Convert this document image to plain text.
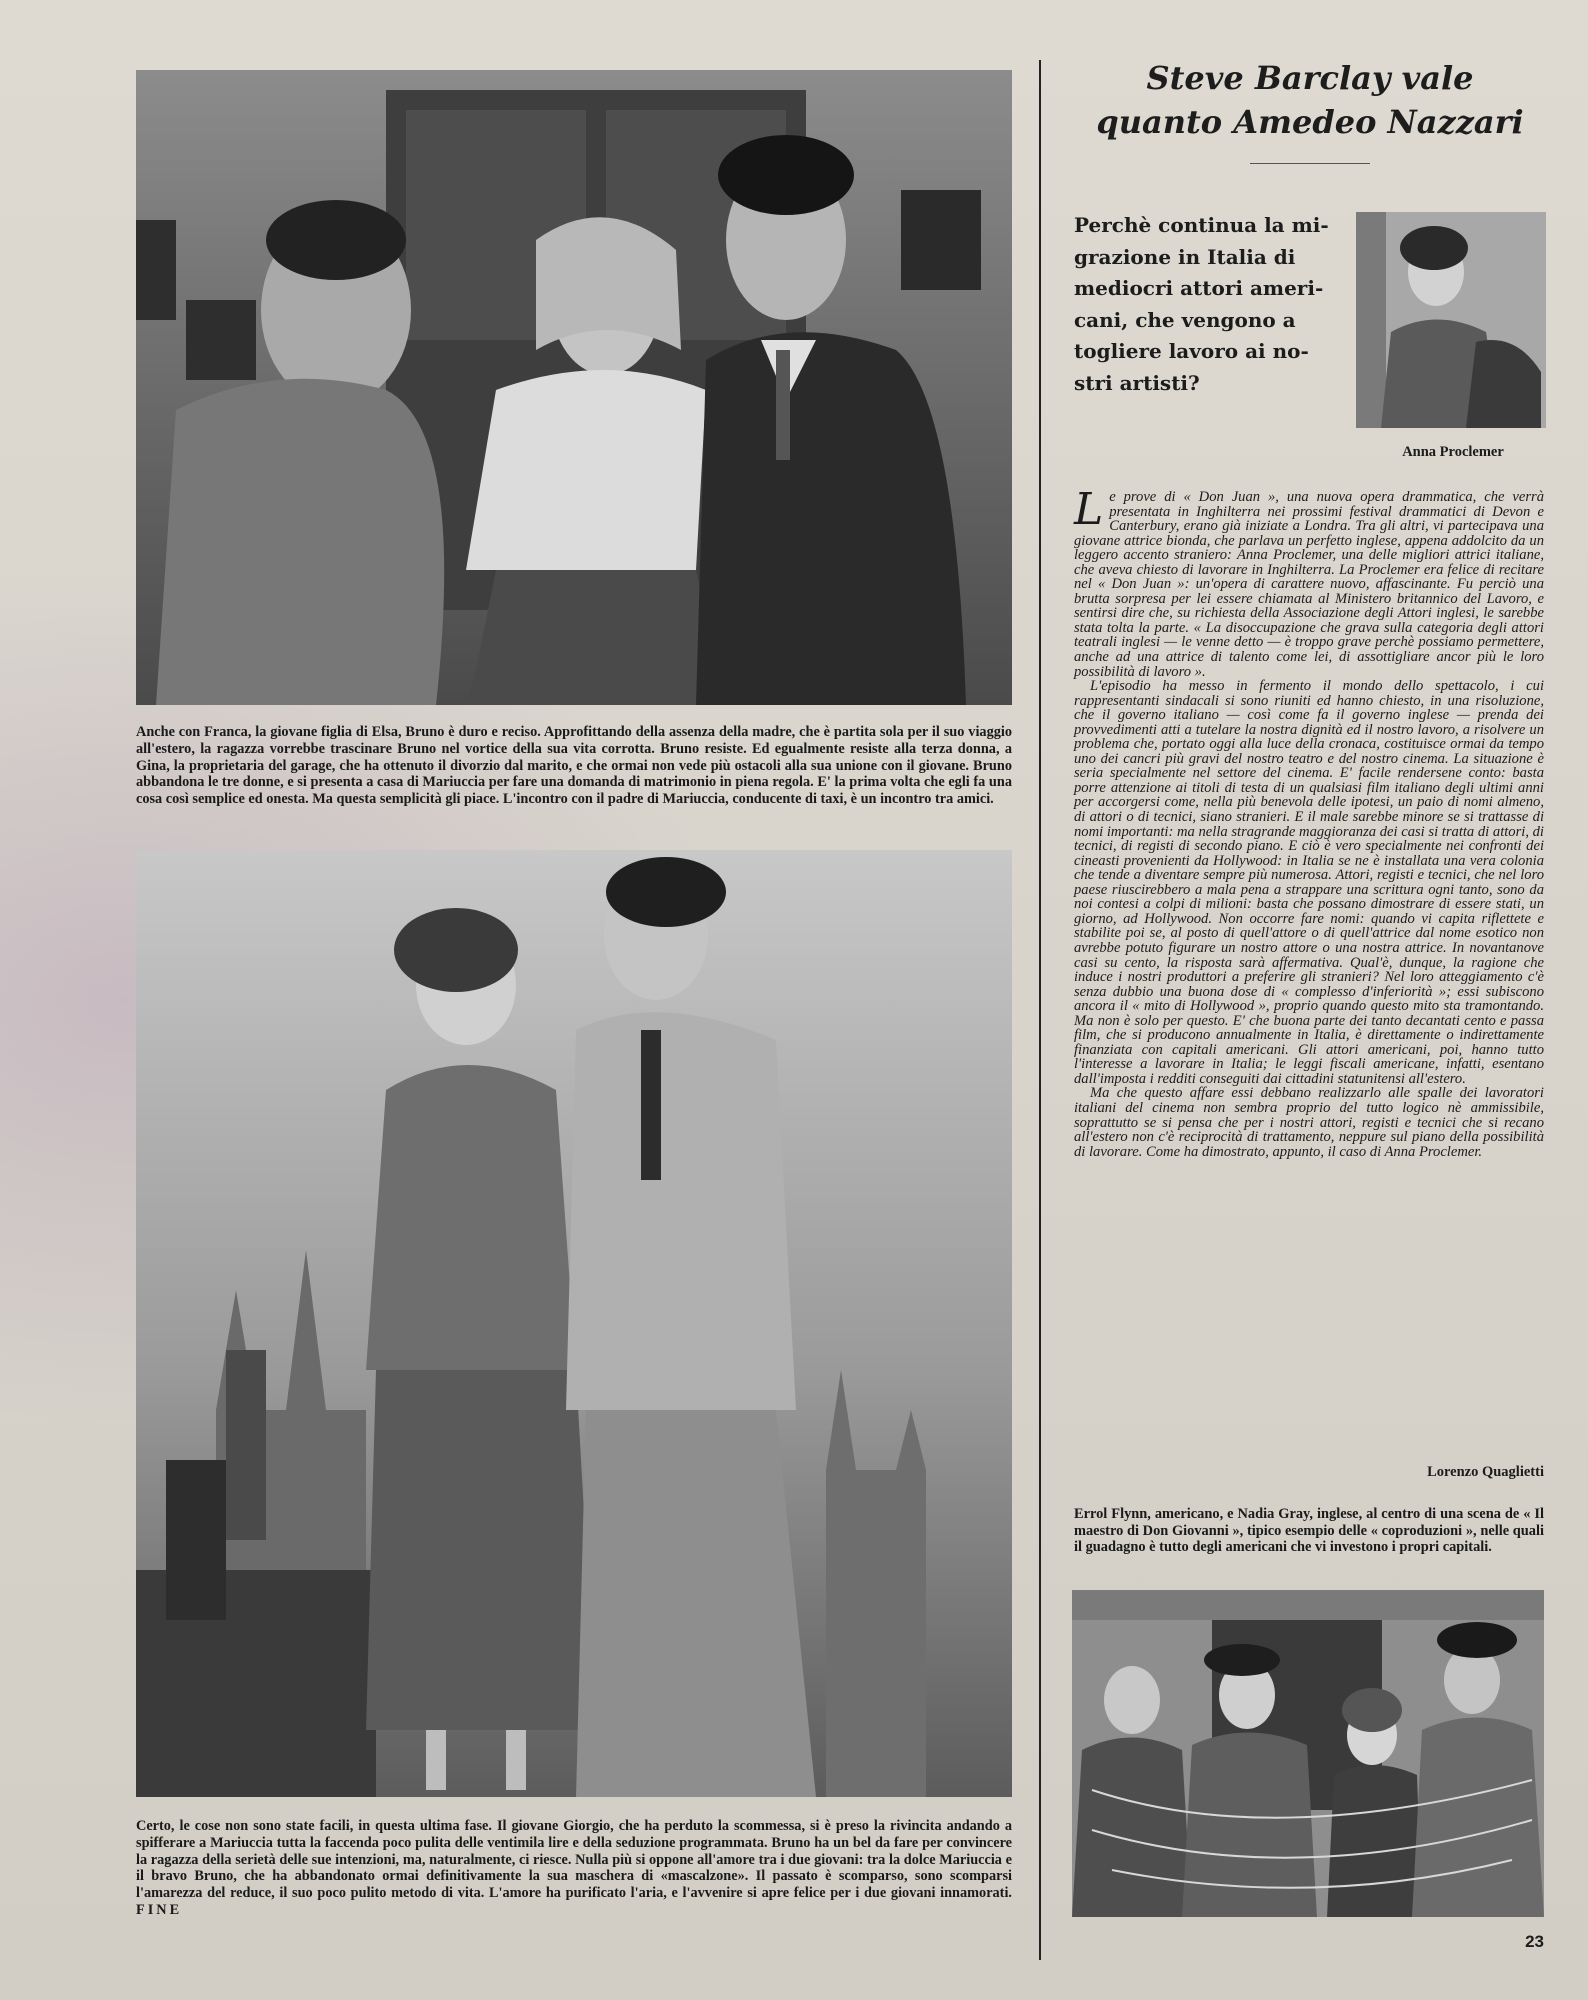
Anche con Franca, la giovane figlia di Elsa, Bruno è duro e reciso. Approfittando della assenza della madre, che è partita sola per il suo viaggio all'estero, la ragazza vorrebbe trascinare Bruno nel vortice della sua vita corrotta. Bruno resiste. Ed egualmente resiste alla terza donna, a Gina, la proprietaria del garage, che ha ottenuto il divorzio dal marito, e che ormai non vede più ostacoli alla sua unione con il giovane. Bruno abbandona le tre donne, e si presenta a casa di Mariuccia per fare una domanda di matrimonio in piena regola. E' la prima volta che egli fa una cosa così semplice ed onesta. Ma questa semplicità gli piace. L'incontro con il padre di Mariuccia, conducente di taxi, è un incontro tra amici.
Certo, le cose non sono state facili, in questa ultima fase. Il giovane Giorgio, che ha perduto la scommessa, si è preso la rivincita andando a spifferare a Mariuccia tutta la faccenda poco pulita delle ventimila lire e della seduzione programmata. Bruno ha un bel da fare per convincere la ragazza della serietà delle sue intenzioni, ma, naturalmente, ci riesce. Nulla più si oppone all'amore tra i due giovani: tra la dolce Mariuccia e il bravo Bruno, che ha abbandonato ormai definitivamente la sua maschera di «mascalzone». Il passato è scomparso, sono scomparsi l'amarezza del reduce, il suo poco pulito metodo di vita. L'amore ha purificato l'aria, e l'avvenire si apre felice per i due giovani innamorati. FINE
Steve Barclay vale
quanto Amedeo Nazzari
Perchè continua la mi-
grazione in Italia di
mediocri attori ameri-
cani, che vengono a
togliere lavoro ai no-
stri artisti?
Anna Proclemer

Le prove di « Don Juan », una nuova opera drammatica, che verrà presentata in Inghilterra nei prossimi festival drammatici di Devon e Canterbury, erano già iniziate a Londra. Tra gli altri, vi partecipava una giovane attrice bionda, che parlava un perfetto inglese, appena addolcito da un leggero accento straniero: Anna Proclemer, una delle migliori attrici italiane, che aveva chiesto di lavorare in Inghilterra. La Proclemer era felice di recitare nel « Don Juan »: un'opera di carattere nuovo, affascinante. Fu perciò una brutta sorpresa per lei essere chiamata al Ministero britannico del Lavoro, e sentirsi dire che, su richiesta della Associazione degli Attori inglesi, le sarebbe stata tolta la parte. « La disoccupazione che grava sulla categoria degli attori teatrali inglesi — le venne detto — è troppo grave perchè possiamo permettere, anche ad una attrice di talento come lei, di assottigliare ancor più le loro possibilità di lavoro ».

L'episodio ha messo in fermento il mondo dello spettacolo, i cui rappresentanti sindacali si sono riuniti ed hanno chiesto, in una risoluzione, che il governo italiano — così come fa il governo inglese — prenda dei provvedimenti atti a tutelare la nostra dignità ed il nostro lavoro, a risolvere un problema che, portato oggi alla luce della cronaca, costituisce ormai da tempo uno dei cancri più gravi del nostro teatro e del nostro cinema. La situazione è seria specialmente nel settore del cinema. E' facile rendersene conto: basta porre attenzione ai titoli di testa di un qualsiasi film italiano degli ultimi anni per accorgersi come, nella più benevola delle ipotesi, un paio di nomi almeno, di attori o di tecnici, siano stranieri. E il male sarebbe minore se si trattasse di nomi importanti: ma nella stragrande maggioranza dei casi si tratta di attori, di tecnici, di registi di secondo piano. E ciò è vero specialmente nei confronti dei cineasti provenienti da Hollywood: in Italia se ne è installata una vera colonia che tende a diventare sempre più numerosa. Attori, registi e tecnici, che nel loro paese riuscirebbero a mala pena a strappare una scrittura ogni tanto, sono da noi contesi a colpi di milioni: basta che possano dimostrare di essere stati, un giorno, ad Hollywood. Non occorre fare nomi: quando vi capita riflettete e stabilite poi se, al posto di quell'attore o di quell'attrice dal nome esotico non avrebbe potuto figurare un nostro attore o una nostra attrice. In novantanove casi su cento, la risposta sarà affermativa. Qual'è, dunque, la ragione che induce i nostri produttori a preferire gli stranieri? Nel loro atteggiamento c'è senza dubbio una buona dose di « complesso d'inferiorità »; essi subiscono ancora il « mito di Hollywood », proprio quando questo mito sta tramontando. Ma non è solo per questo. E' che buona parte dei tanto decantati cento e passa film, che si producono annualmente in Italia, è direttamente o indirettamente finanziata con capitali americani. Gli attori americani, poi, hanno tutto l'interesse a lavorare in Italia; le leggi fiscali americane, infatti, esentano dall'imposta i redditi conseguiti dai cittadini statunitensi all'estero.

Ma che questo affare essi debbano realizzarlo alle spalle dei lavoratori italiani del cinema non sembra proprio del tutto logico nè ammissibile, soprattutto se si pensa che per i nostri attori, registi e tecnici che si recano all'estero non c'è reciprocità di trattamento, neppure sul piano della possibilità di lavorare. Come ha dimostrato, appunto, il caso di Anna Proclemer.

Lorenzo Quaglietti
Errol Flynn, americano, e Nadia Gray, inglese, al centro di una scena de « Il maestro di Don Giovanni », tipico esempio delle « coproduzioni », nelle quali il guadagno è tutto degli americani che vi investono i propri capitali.
23
